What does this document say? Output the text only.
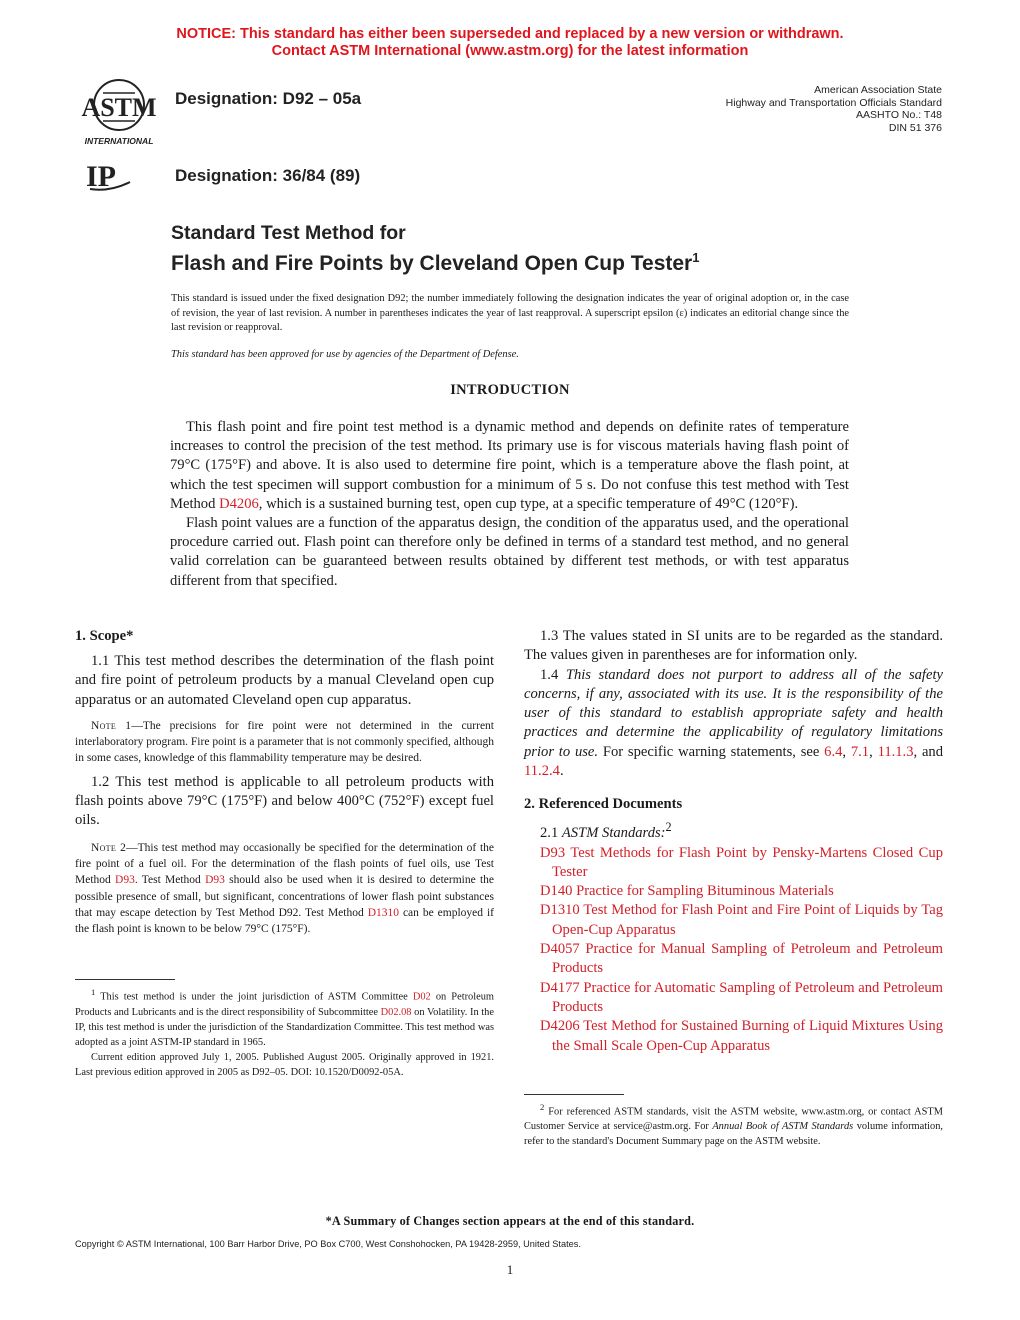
NOTICE: This standard has either been superseded and replaced by a new version or withdrawn.
Contact ASTM International (www.astm.org) for the latest information
ASTM
INTERNATIONAL
IP
Designation: D92 – 05a
Designation: 36/84 (89)
American Association State
Highway and Transportation Officials Standard
AASHTO No.: T48
DIN 51 376
Standard Test Method for
Flash and Fire Points by Cleveland Open Cup Tester$^1$
This standard is issued under the fixed designation D92; the number immediately following the designation indicates the year of original adoption or, in the case of revision, the year of last revision. A number in parentheses indicates the year of last reapproval. A superscript epsilon (ε) indicates an editorial change since the last revision or reapproval.
This standard has been approved for use by agencies of the Department of Defense.
INTRODUCTION

This flash point and fire point test method is a dynamic method and depends on definite rates of temperature increases to control the precision of the test method. Its primary use is for viscous materials having flash point of 79°C (175°F) and above. It is also used to determine fire point, which is a temperature above the flash point, at which the test specimen will support combustion for a minimum of 5 s. Do not confuse this test method with Test Method D4206, which is a sustained burning test, open cup type, at a specific temperature of 49°C (120°F).

Flash point values are a function of the apparatus design, the condition of the apparatus used, and the operational procedure carried out. Flash point can therefore only be defined in terms of a standard test method, and no general valid correlation can be guaranteed between results obtained by different test methods, or with test apparatus different from that specified.

1. Scope*

1.1 This test method describes the determination of the flash point and fire point of petroleum products by a manual Cleveland open cup apparatus or an automated Cleveland open cup apparatus.

Note 1—The precisions for fire point were not determined in the current interlaboratory program. Fire point is a parameter that is not commonly specified, although in some cases, knowledge of this flammability temperature may be desired.

1.2 This test method is applicable to all petroleum products with flash points above 79°C (175°F) and below 400°C (752°F) except fuel oils.

Note 2—This test method may occasionally be specified for the determination of the fire point of a fuel oil. For the determination of the flash points of fuel oils, use Test Method D93. Test Method D93 should also be used when it is desired to determine the possible presence of small, but significant, concentrations of lower flash point substances that may escape detection by Test Method D92. Test Method D1310 can be employed if the flash point is known to be below 79°C (175°F).

$^1$ This test method is under the joint jurisdiction of ASTM Committee D02 on Petroleum Products and Lubricants and is the direct responsibility of Subcommittee D02.08 on Volatility. In the IP, this test method is under the jurisdiction of the Standardization Committee. This test method was adopted as a joint ASTM-IP standard in 1965.

Current edition approved July 1, 2005. Published August 2005. Originally approved in 1921. Last previous edition approved in 2005 as D92–05. DOI: 10.1520/D0092-05A.

1.3 The values stated in SI units are to be regarded as the standard. The values given in parentheses are for information only.

1.4 This standard does not purport to address all of the safety concerns, if any, associated with its use. It is the responsibility of the user of this standard to establish appropriate safety and health practices and determine the applicability of regulatory limitations prior to use. For specific warning statements, see 6.4, 7.1, 11.1.3, and 11.2.4.

2. Referenced Documents

2.1 ASTM Standards:$^2$

D93 Test Methods for Flash Point by Pensky-Martens Closed Cup Tester

D140 Practice for Sampling Bituminous Materials

D1310 Test Method for Flash Point and Fire Point of Liquids by Tag Open-Cup Apparatus

D4057 Practice for Manual Sampling of Petroleum and Petroleum Products

D4177 Practice for Automatic Sampling of Petroleum and Petroleum Products

D4206 Test Method for Sustained Burning of Liquid Mixtures Using the Small Scale Open-Cup Apparatus

$^2$ For referenced ASTM standards, visit the ASTM website, www.astm.org, or contact ASTM Customer Service at service@astm.org. For Annual Book of ASTM Standards volume information, refer to the standard's Document Summary page on the ASTM website.

*A Summary of Changes section appears at the end of this standard.
Copyright © ASTM International, 100 Barr Harbor Drive, PO Box C700, West Conshohocken, PA 19428-2959, United States.
1
